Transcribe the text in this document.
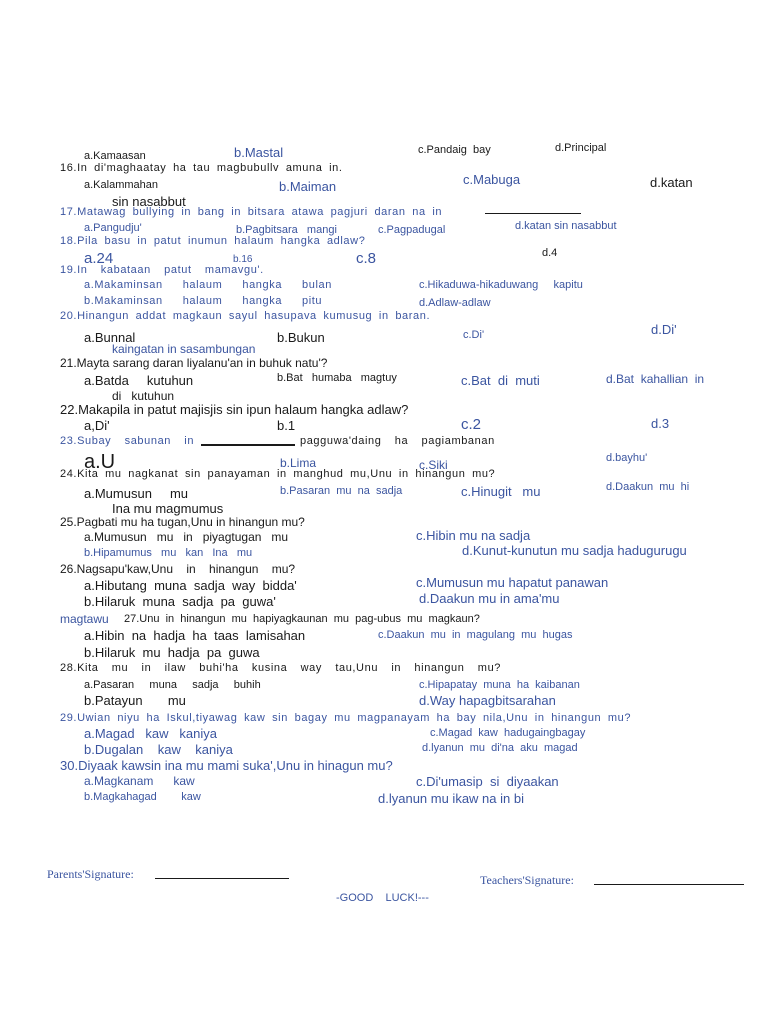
a.Kamaasan	b.Mastal	c.Pandaig  bay	d.Principal
16.In di'maghaatay ha tau magbubullv amuna in.
a.Kalammahan	b.Maiman	c.Mabuga	d.katan
sin nasabbut
17.Matawag bullying in bang in bitsara atawa pagjuri daran na in
a.Pangudju'	b.Pagbitsara   mangi	c.Pagpadugal	d.katan sin nasabbut
18.Pila basu in patut inumun halaum hangka adlaw?
a.24	b.16	c.8	d.4
19.In  kabataan  patut  mamavgu'.
a.Makaminsan   halaum   hangka   bulan	c.Hikaduwa-hikaduwang     kapitu
b.Makaminsan   halaum   hangka   pitu	d.Adlaw-adlaw
20.Hinangun addat magkaun sayul hasupava kumusug in baran.
a.Bunnal	b.Bukun	c.Di'	d.Di'
kaingatan in sasambungan
21.Mayta sarang daran liyalanu'an in buhuk natu'?
a.Batda     kutuhun	b.Bat   humaba   magtuy	c.Bat  di  muti	d.Bat  kahallian  in
di   kutuhun
22.Makapila in patut majisjis sin ipun halaum hangka adlaw?
a,Di'	b.1	c.2	d.3
23.Subay  sabunan  in	pagguwa'daing  ha  pagiambanan
a.U	b.Lima	c.Siki	d.bayhu'
24.Kita mu nagkanat sin panayaman in manghud mu,Unu in hinangun mu?
a.Mumusun     mu	b.Pasaran  mu  na  sadja	c.Hinugit   mu	d.Daakun  mu  hi
Ina mu magmumus
25.Pagbati mu ha tugan,Unu in hinangun mu?
a.Mumusun   mu   in   piyagtugan   mu	c.Hibin mu na sadja
b.Hipamumus   mu   kan   Ina   mu	d.Kunut-kunutun mu sadja hadugurugu
26.Nagsapu'kaw,Unu    in    hinangun    mu?
a.Hibutang  muna  sadja  way  bidda'	c.Mumusun mu hapatut panawan
b.Hilaruk  muna  sadja  pa  guwa'	d.Daakun mu in ama'mu
magtawu 27.Unu  in  hinangun  mu  hapiyagkaunan  mu  pag-ubus  mu  magkaun?
a.Hibin  na  hadja  ha  taas  lamisahan	c.Daakun  mu  in  magulang  mu  hugas
b.Hilaruk  mu  hadja  pa  guwa
28.Kita  mu  in  ilaw  buhi'ha  kusina  way  tau,Unu  in  hinangun  mu?
a.Pasaran     muna     sadja     buhih	c.Hipapatay  muna  ha  kaibanan
b.Patayun       mu	d.Way hapagbitsarahan
29.Uwian niyu ha Iskul,tiyawag kaw sin bagay mu magpanayam ha bay nila,Unu in hinangun mu?
a.Magad   kaw   kaniya	c.Magad  kaw  hadugaingbagay
b.Dugalan    kaw    kaniya	d.lyanun  mu  di'na  aku  magad
30.Diyaak kawsin ina mu mami suka',Unu in hinagun mu?
a.Magkanam      kaw	c.Di'umasip  si  diyaakan
b.Magkahagad        kaw	d.lyanun mu ikaw na in bi
Parents'Signature:	Teachers'Signature:
-GOOD    LUCK!---
